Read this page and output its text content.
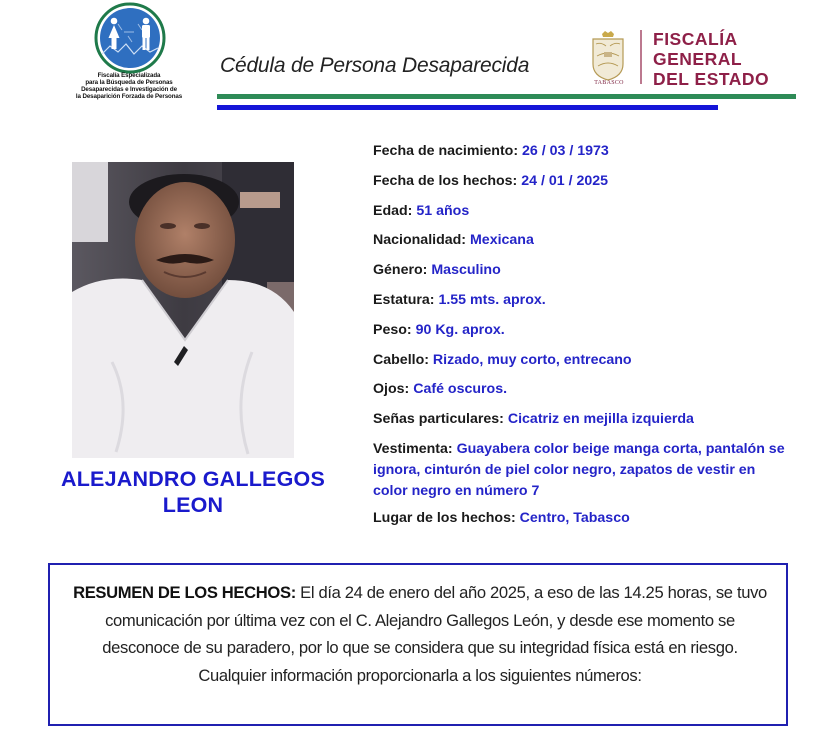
Fiscalía Especializada
para la Búsqueda de Personas
Desaparecidas e Investigación de
la Desaparición Forzada de Personas
Cédula de Persona Desaparecida
TABASCO
FISCALÍA
GENERAL
DEL ESTADO
ALEJANDRO GALLEGOS
LEON
Fecha de nacimiento: 26 / 03 / 1973
Fecha de los hechos: 24 / 01 / 2025
Edad: 51 años
Nacionalidad: Mexicana
Género: Masculino
Estatura: 1.55 mts. aprox.
Peso: 90 Kg. aprox.
Cabello: Rizado, muy corto, entrecano
Ojos: Café oscuros.
Señas particulares: Cicatriz en mejilla izquierda
Vestimenta: Guayabera color beige manga corta, pantalón se ignora, cinturón de piel color negro, zapatos de vestir en color negro en número 7
Lugar de los hechos: Centro, Tabasco
RESUMEN DE LOS HECHOS: El día 24 de enero del año 2025, a eso de las 14.25 horas, se tuvo comunicación por última vez con el C. Alejandro Gallegos León, y desde ese momento se desconoce de su paradero, por lo que se considera que su integridad física está en riesgo. Cualquier información proporcionarla a los siguientes números:
